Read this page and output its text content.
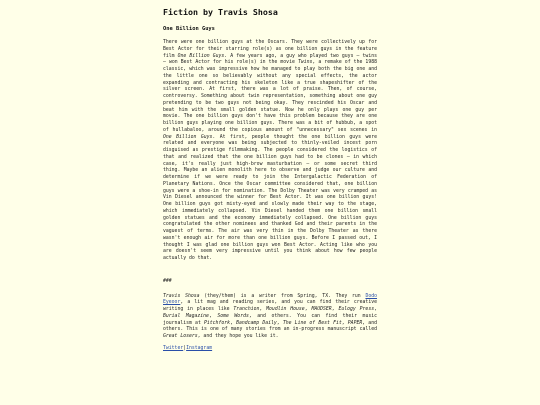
Fiction by Travis Shosa
One Billion Guys

There were one billion guys at the Oscars. They were collectively up for Best Actor for their starring role(s) as one billion guys in the feature film One Billion Guys. A few years ago, a guy who played two guys – twins – won Best Actor for his role(s) in the movie Twins, a remake of the 1988 classic, which was impressive how he managed to play both the big one and the little one so believably without any special effects, the actor expanding and contracting his skeleton like a true shapeshifter of the silver screen. At first, there was a lot of praise. Then, of course, controversy. Something about twin representation, something about one guy pretending to be two guys not being okay. They rescinded his Oscar and beat him with the small golden statue. Now he only plays one guy per movie. The one billion guys don't have this problem because they are one billion guys playing one billion guys. There was a bit of hubbub, a spot of hullabaloo, around the copious amount of "unnecessary" sex scenes in One Billion Guys. At first, people thought the one billion guys were related and everyone was being subjected to thinly-veiled incest porn disguised as prestige filmmaking. The people considered the logistics of that and realized that the one billion guys had to be clones – in which case, it's really just high-brow masturbation – or some secret third thing. Maybe an alien monolith here to observe and judge our culture and determine if we were ready to join the Intergalactic Federation of Planetary Nations. Once the Oscar committee considered that, one billion guys were a shoe-in for nomination. The Dolby Theater was very cramped as Vin Diesel announced the winner for Best Actor. It was one billion guys! One billion guys got misty-eyed and slowly made their way to the stage, which immediately collapsed. Vin Diesel handed them one billion small golden statues and the economy immediately collapsed. One billion guys congratulated the other nominees and thanked God and their parents in the vaguest of terms. The air was very thin in the Dolby Theater as there wasn't enough air for more than one billion guys. Before I passed out, I thought I was glad one billion guys won Best Actor. Acting like who you are doesn't seem very impressive until you think about how few people actually do that.

###

Travis Shosa (they/them) is a writer from Spring, TX. They run Dodo Eyeoor, a lit mag and reading series, and you can find their creative writing in places like Tranchion, Moudlin House, MAUDSER, Eulogy Press, Burial Magazine, Some Words, and others. You can find their music journalism at Pitchfork, Bandcamp Daily, The Line of Best Fit, PAPER, and others. This is one of many stories from an in-progress manuscript called Great Losers, and they hope you like it.

Twitter|Instagram
